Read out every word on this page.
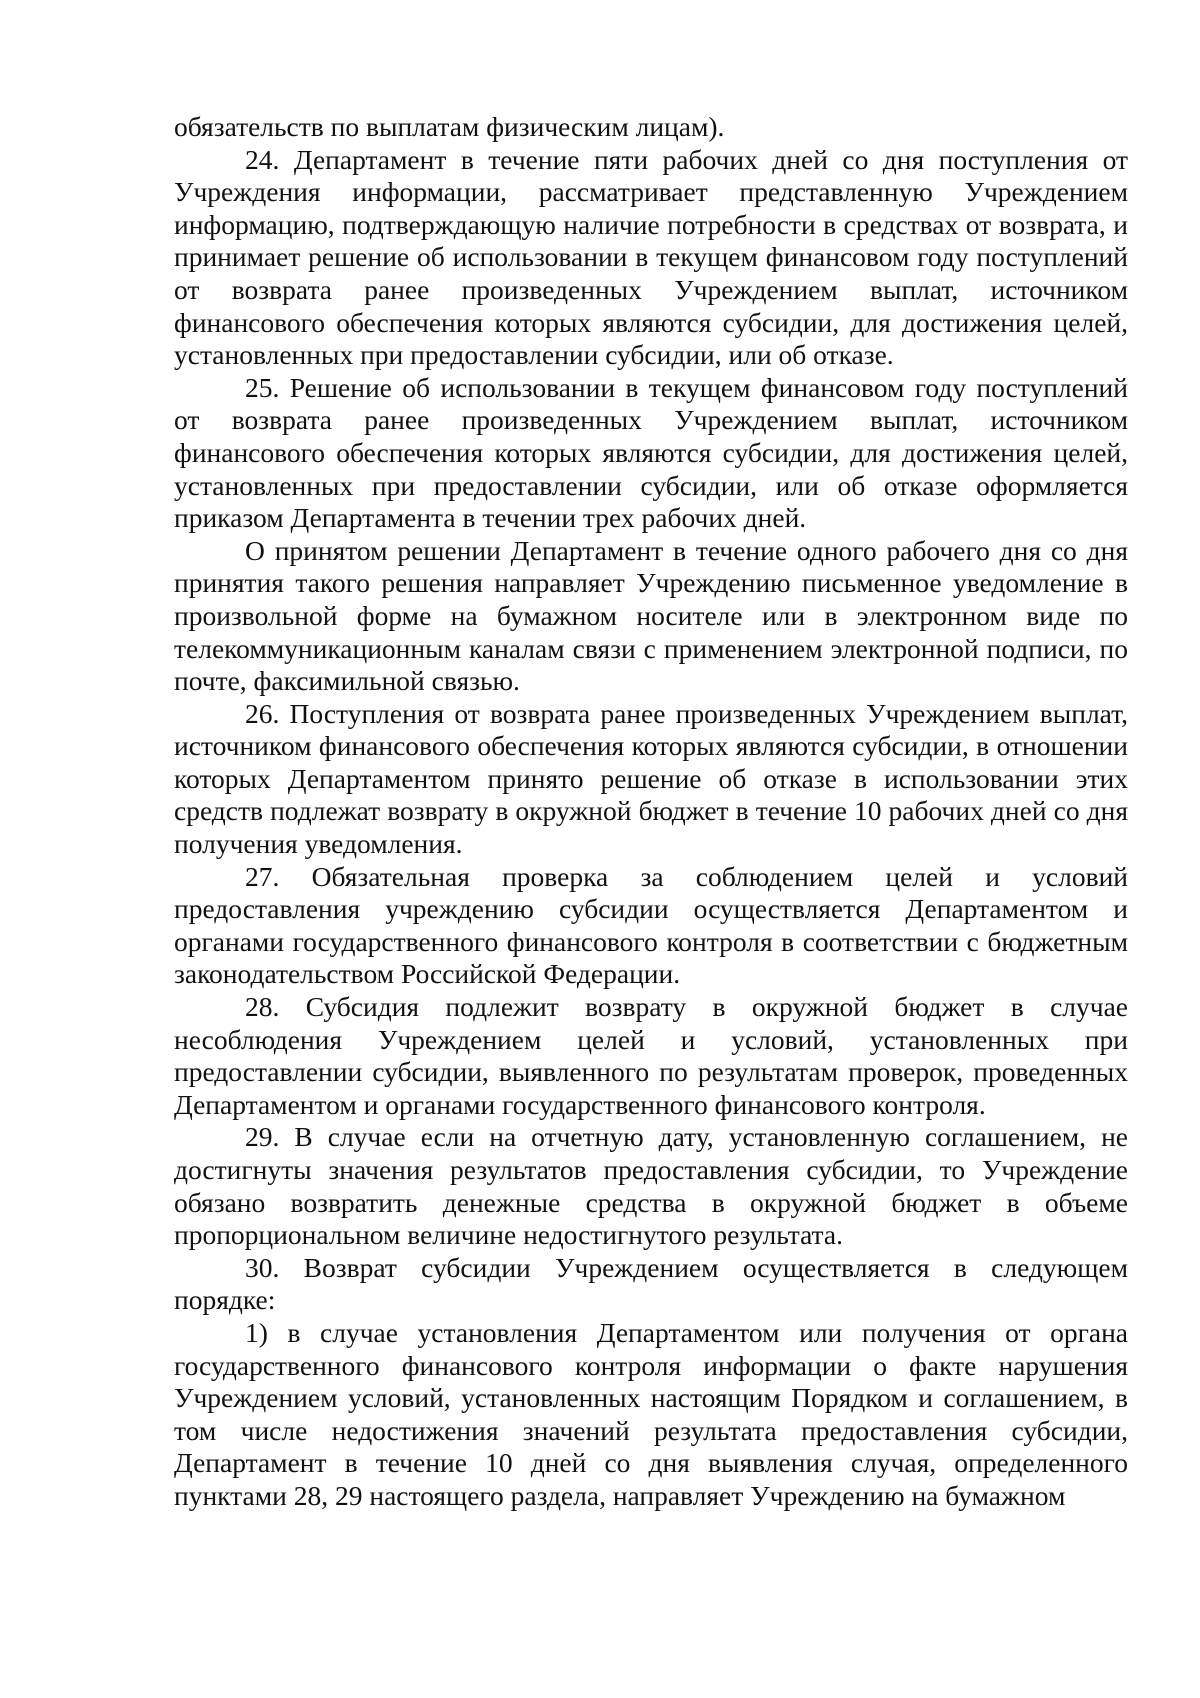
обязательств по выплатам физическим лицам).

24. Департамент в течение пяти рабочих дней со дня поступления от Учреждения информации, рассматривает представленную Учреждением информацию, подтверждающую наличие потребности в средствах от возврата, и принимает решение об использовании в текущем финансовом году поступлений от возврата ранее произведенных Учреждением выплат, источником финансового обеспечения которых являются субсидии, для достижения целей, установленных при предоставлении субсидии, или об отказе.

25. Решение об использовании в текущем финансовом году поступлений от возврата ранее произведенных Учреждением выплат, источником финансового обеспечения которых являются субсидии, для достижения целей, установленных при предоставлении субсидии, или об отказе оформляется приказом Департамента в течении трех рабочих дней.

О принятом решении Департамент в течение одного рабочего дня со дня принятия такого решения направляет Учреждению письменное уведомление в произвольной форме на бумажном носителе или в электронном виде по телекоммуникационным каналам связи с применением электронной подписи, по почте, факсимильной связью.

26. Поступления от возврата ранее произведенных Учреждением выплат, источником финансового обеспечения которых являются субсидии, в отношении которых Департаментом принято решение об отказе в использовании этих средств подлежат возврату в окружной бюджет в течение 10 рабочих дней со дня получения уведомления.

27. Обязательная проверка за соблюдением целей и условий предоставления учреждению субсидии осуществляется Департаментом и органами государственного финансового контроля в соответствии с бюджетным законодательством Российской Федерации.

28. Субсидия подлежит возврату в окружной бюджет в случае несоблюдения Учреждением целей и условий, установленных при предоставлении субсидии, выявленного по результатам проверок, проведенных Департаментом и органами государственного финансового контроля.

29. В случае если на отчетную дату, установленную соглашением, не достигнуты значения результатов предоставления субсидии, то Учреждение обязано возвратить денежные средства в окружной бюджет в объеме пропорциональном величине недостигнутого результата.

30. Возврат субсидии Учреждением осуществляется в следующем порядке:

1) в случае установления Департаментом или получения от органа государственного финансового контроля информации о факте нарушения Учреждением условий, установленных настоящим Порядком и соглашением, в том числе недостижения значений результата предоставления субсидии, Департамент в течение 10 дней со дня выявления случая, определенного пунктами 28, 29 настоящего раздела, направляет Учреждению на бумажном
